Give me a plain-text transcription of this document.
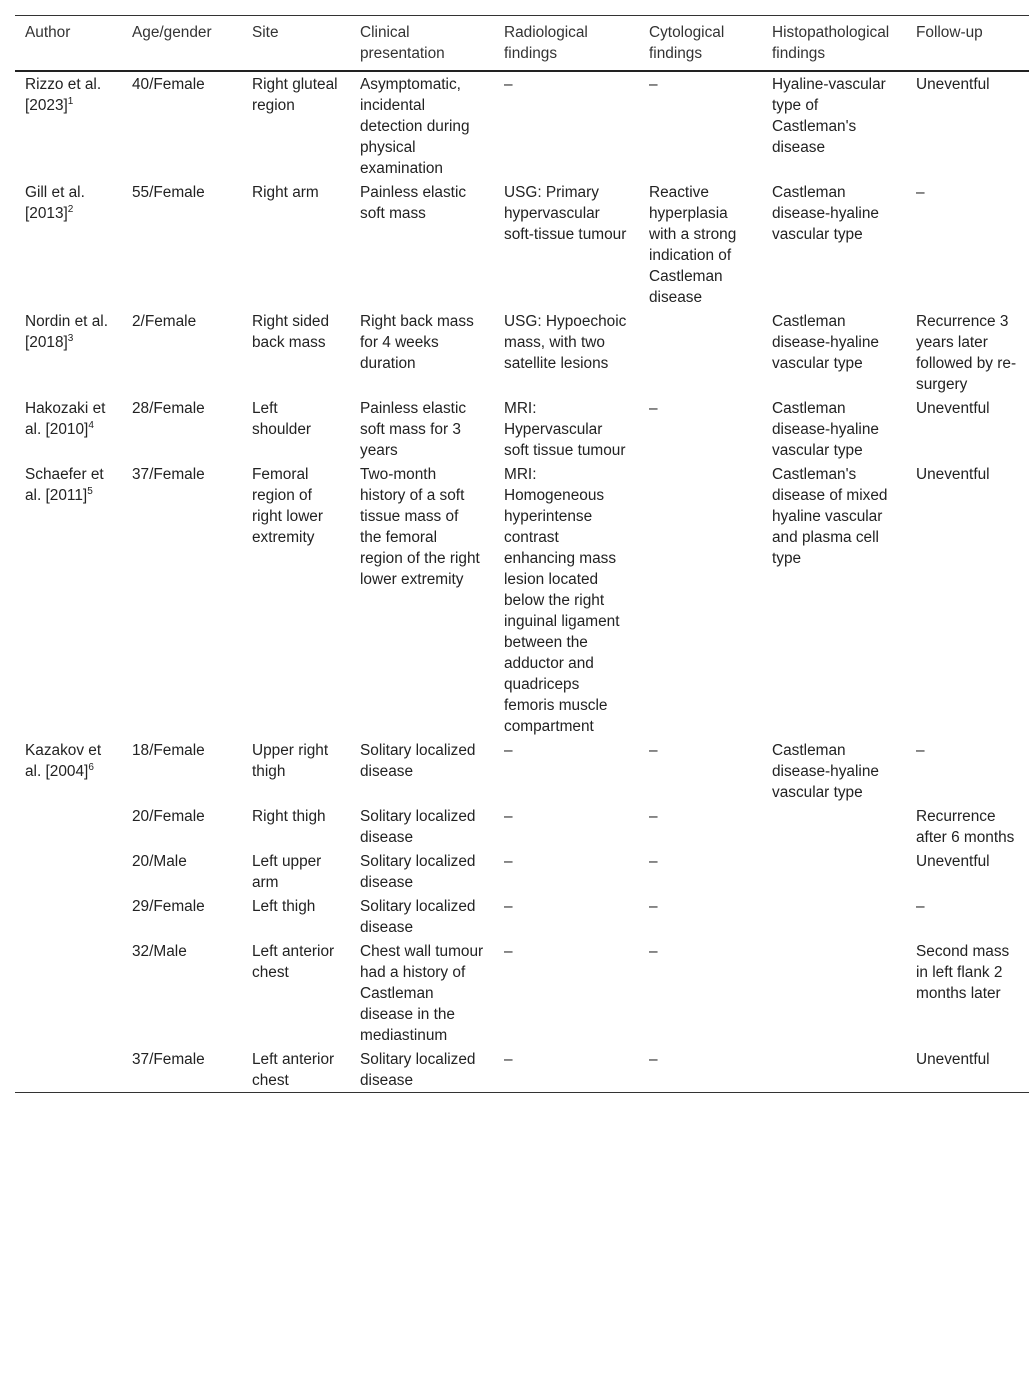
Author	Age/gender	Site	Clinical presentation	Radiological findings	Cytological findings	Histopathological findings	Follow-up
Rizzo et al. $[2023]^1$	40/Female	Right gluteal region	Asymptomatic, incidental detection during physical examination	–	–	Hyaline-vascular type of Castleman's disease	Uneventful
Gill et al. $[2013]^2$	55/Female	Right arm	Painless elastic soft mass	USG: Primary hypervascular soft-tissue tumour	Reactive hyperplasia with a strong indication of Castleman disease	Castleman disease-hyaline vascular type	–
Nordin et al. $[2018]^3$	2/Female	Right sided back mass	Right back mass for 4 weeks duration	USG: Hypoechoic mass, with two satellite lesions		Castleman disease-hyaline vascular type	Recurrence 3 years later followed by re-surgery
Hakozaki et al. $[2010]^4$	28/Female	Left shoulder	Painless elastic soft mass for 3 years	MRI: Hypervascular soft tissue tumour	–	Castleman disease-hyaline vascular type	Uneventful
Schaefer et al. $[2011]^5$	37/Female	Femoral region of right lower extremity	Two-month history of a soft tissue mass of the femoral region of the right lower extremity	MRI: Homogeneous hyperintense contrast enhancing mass lesion located below the right inguinal ligament between the adductor and quadriceps femoris muscle compartment		Castleman's disease of mixed hyaline vascular and plasma cell type	Uneventful
Kazakov et al. $[2004]^6$	18/Female	Upper right thigh	Solitary localized disease	–	–	Castleman disease-hyaline vascular type	–
	20/Female	Right thigh	Solitary localized disease	–	–		Recurrence after 6 months
	20/Male	Left upper arm	Solitary localized disease	–	–		Uneventful
	29/Female	Left thigh	Solitary localized disease	–	–		–
	32/Male	Left anterior chest	Chest wall tumour had a history of Castleman disease in the mediastinum	–	–		Second mass in left flank 2 months later
	37/Female	Left anterior chest	Solitary localized disease	–	–		Uneventful
